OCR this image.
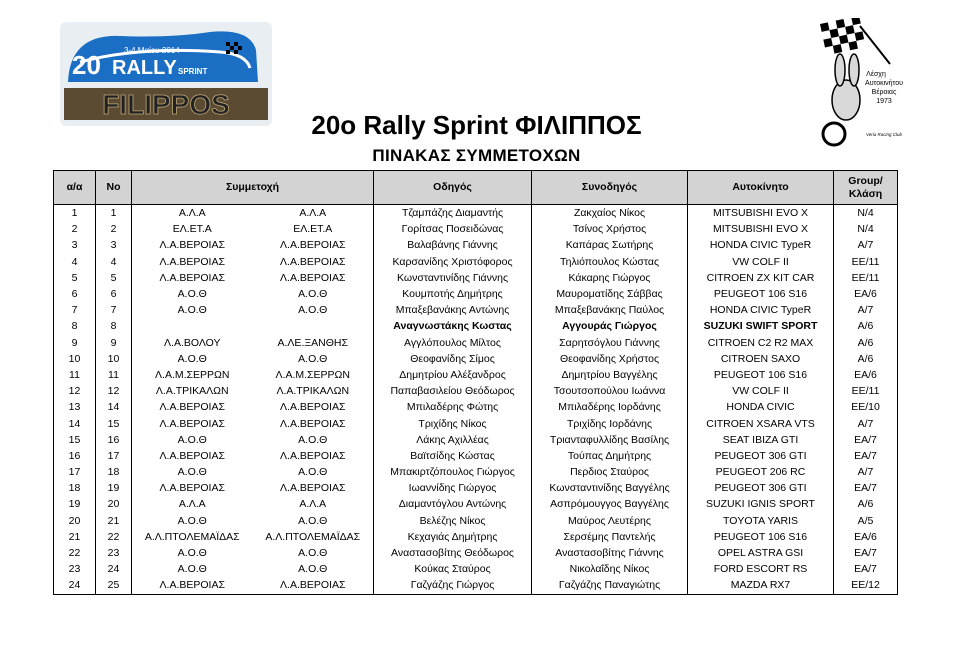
20 RALLY SPRINT
3-4 Μαίου 2014
FILIPPOS
Λέσχη
Αυτοκινήτου
Βέροιας
1973
Veria Racing Club
20o Rally Sprint ΦΙΛΙΠΠΟΣ
ΠΙΝΑΚΑΣ ΣΥΜΜΕΤΟΧΩΝ
α/α	Νο	Συμμετοχή		Οδηγός	Συνοδηγός	Αυτοκίνητο	Group/
Κλάση
1	1	Α.Λ.Α	Α.Λ.Α	Τζαμπάζης Διαμαντής	Ζακχαίος Νίκος	MITSUBISHI EVO X	N/4
2	2	ΕΛ.ΕΤ.Α	ΕΛ.ΕΤ.Α	Γορίτσας Ποσειδώνας	Τσίνος Χρήστος	MITSUBISHI EVO X	N/4
3	3	Λ.Α.ΒΕΡΟΙΑΣ	Λ.Α.ΒΕΡΟΙΑΣ	Βαλαβάνης Γιάννης	Καπάρας Σωτήρης	HONDA CIVIC TypeR	A/7
4	4	Λ.Α.ΒΕΡΟΙΑΣ	Λ.Α.ΒΕΡΟΙΑΣ	Καρσανίδης Χριστόφορος	Τηλιόπουλος Κώστας	VW COLF II	ΕΕ/11
5	5	Λ.Α.ΒΕΡΟΙΑΣ	Λ.Α.ΒΕΡΟΙΑΣ	Κωνσταντινίδης Γιάννης	Κάκαρης Γιώργος	CITROEN ZX KIT CAR	ΕΕ/11
6	6	Α.Ο.Θ	Α.Ο.Θ	Κουμποτής Δημήτρης	Μαυροματίδης Σάββας	PEUGEOT 106 S16	ΕΑ/6
7	7	Α.Ο.Θ	Α.Ο.Θ	Μπαξεβανάκης Αντώνης	Μπαξεβανάκης Παύλος	HONDA CIVIC TypeR	A/7
8	8			Αναγνωστάκης Κωστας	Αγγουράς Γιώργος	SUZUKI SWIFT SPORT	A/6
9	9	Λ.Α.ΒΟΛΟΥ	Α.ΛΕ.ΞΑΝΘΗΣ	Αγγλόπουλος Μίλτος	Σαρητσόγλου Γιάννης	CITROEN C2 R2 MAX	A/6
10	10	Α.Ο.Θ	Α.Ο.Θ	Θεοφανίδης Σίμος	Θεοφανίδης Χρήστος	CITROEN SAXO	A/6
11	11	Λ.Α.Μ.ΣΕΡΡΩΝ	Λ.Α.Μ.ΣΕΡΡΩΝ	Δημητρίου Αλέξανδρος	Δημητρίου Βαγγέλης	PEUGEOT 106 S16	ΕΑ/6
12	12	Λ.Α.ΤΡΙΚΑΛΩΝ	Λ.Α.ΤΡΙΚΑΛΩΝ	Παπαβασιλείου Θεόδωρος	Τσουτσοπούλου Ιωάννα	VW COLF II	ΕΕ/11
13	14	Λ.Α.ΒΕΡΟΙΑΣ	Λ.Α.ΒΕΡΟΙΑΣ	Μπιλαδέρης Φώτης	Μπιλαδέρης Ιορδάνης	HONDA CIVIC	ΕΕ/10
14	15	Λ.Α.ΒΕΡΟΙΑΣ	Λ.Α.ΒΕΡΟΙΑΣ	Τριχίδης Νίκος	Τριχίδης Ιορδάνης	CITROEN XSARA VTS	A/7
15	16	Α.Ο.Θ	Α.Ο.Θ	Λάκης Αχιλλέας	Τριανταφυλλίδης Βασίλης	SEAT IBIZA GTI	ΕΑ/7
16	17	Λ.Α.ΒΕΡΟΙΑΣ	Λ.Α.ΒΕΡΟΙΑΣ	Βαϊτσίδης Κώστας	Τούπας Δημήτρης	PEUGEOT 306 GTI	ΕΑ/7
17	18	Α.Ο.Θ	Α.Ο.Θ	Μπακιρτζόπουλος Γιώργος	Περδιος Σταύρος	PEUGEOT 206 RC	A/7
18	19	Λ.Α.ΒΕΡΟΙΑΣ	Λ.Α.ΒΕΡΟΙΑΣ	Ιωαννίδης Γιώργος	Κωνσταντινίδης Βαγγέλης	PEUGEOT 306 GTI	ΕΑ/7
19	20	Α.Λ.Α	Α.Λ.Α	Διαμαντόγλου Αντώνης	Ασπρόμουγγος Βαγγέλης	SUZUKI IGNIS SPORT	A/6
20	21	Α.Ο.Θ	Α.Ο.Θ	Βελέζης Νίκος	Μαύρος Λευτέρης	TOYOTA YARIS	A/5
21	22	Α.Λ.ΠΤΟΛΕΜΑΪΔΑΣ	Α.Λ.ΠΤΟΛΕΜΑΪΔΑΣ	Κεχαγιάς Δημήτρης	Σερσέμης Παντελής	PEUGEOT 106 S16	ΕΑ/6
22	23	Α.Ο.Θ	Α.Ο.Θ	Αναστασοβίτης Θεόδωρος	Αναστασοβίτης Γιάννης	OPEL ASTRA GSI	ΕΑ/7
23	24	Α.Ο.Θ	Α.Ο.Θ	Κούκας Σταύρος	Νικολαΐδης Νίκος	FORD ESCORT RS	ΕΑ/7
24	25	Λ.Α.ΒΕΡΟΙΑΣ	Λ.Α.ΒΕΡΟΙΑΣ	Γαζγάζης Γιώργος	Γαζγάζης Παναγιώτης	MAZDA RX7	ΕΕ/12
